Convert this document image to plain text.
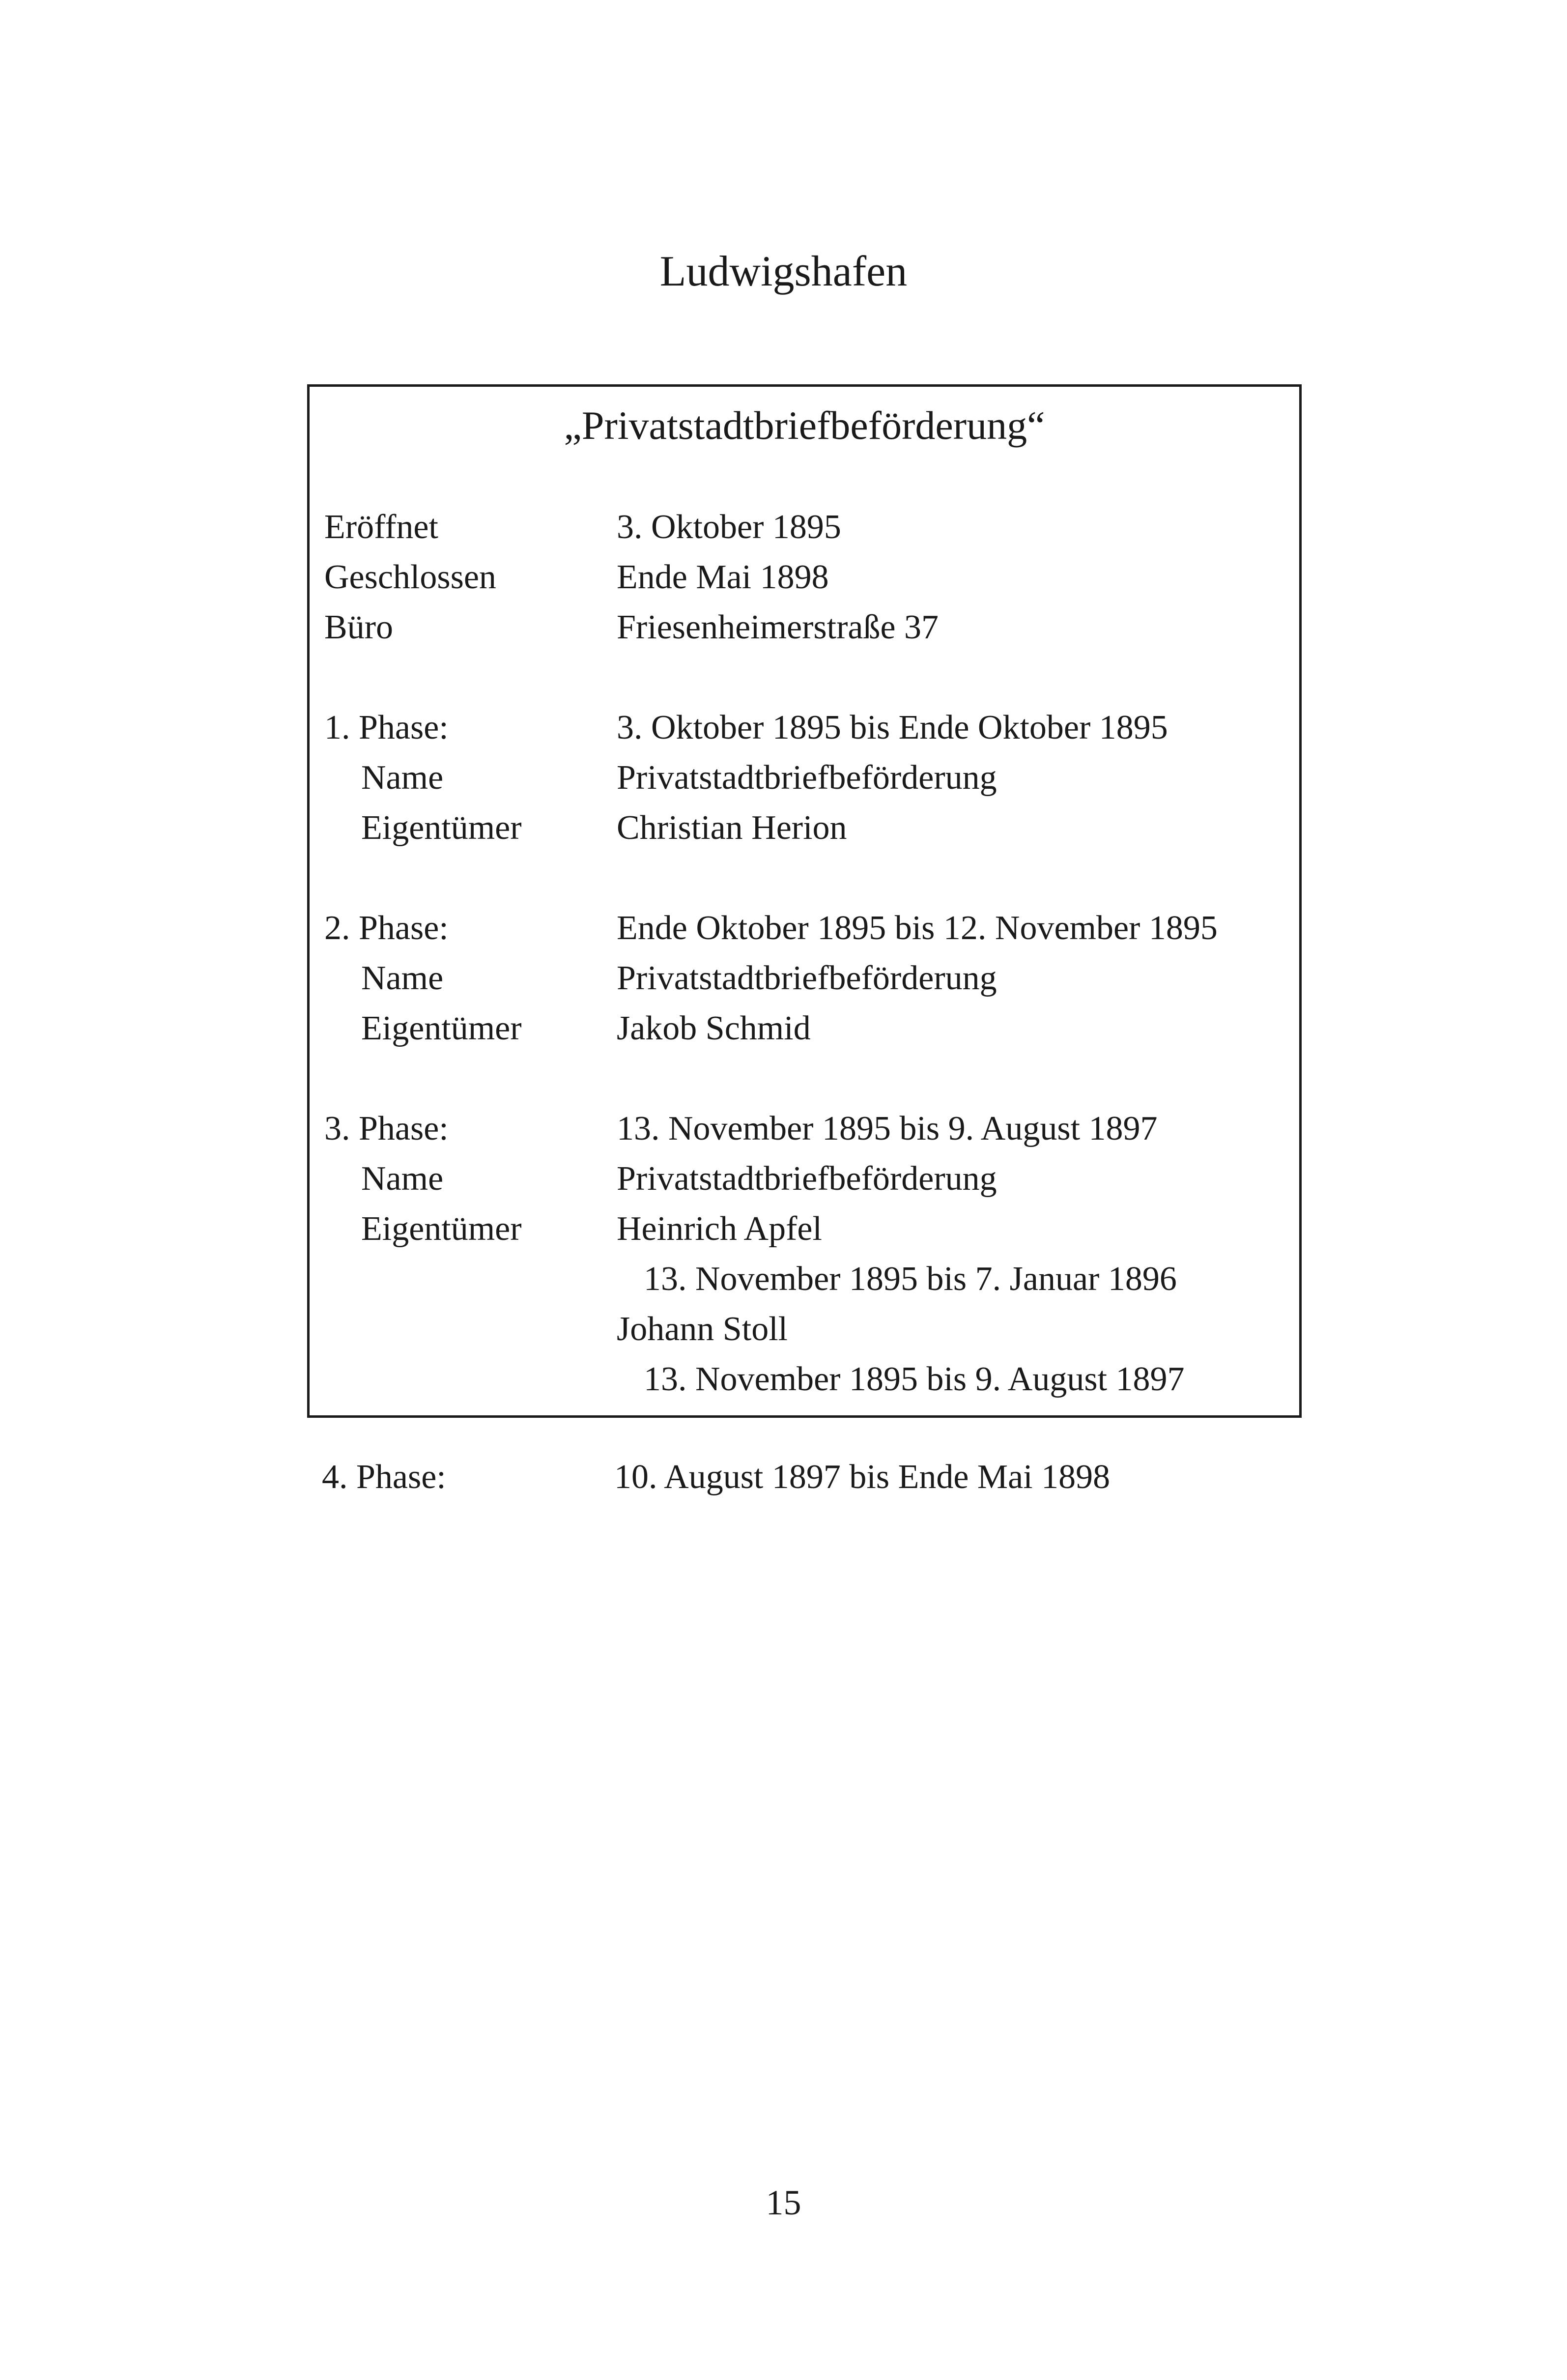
Ludwigshafen
„Privatstadtbriefbeförderung“
Eröffnet	3. Oktober 1895
Geschlossen	Ende Mai 1898
Büro	Friesenheimerstraße 37
1. Phase:	3. Oktober 1895 bis Ende Oktober 1895
Name	Privatstadtbriefbeförderung
Eigentümer	Christian Herion
2. Phase:	Ende Oktober 1895 bis 12. November 1895
Name	Privatstadtbriefbeförderung
Eigentümer	Jakob Schmid
3. Phase:	13. November 1895 bis 9. August 1897
Name	Privatstadtbriefbeförderung
Eigentümer	Heinrich Apfel
13. November 1895 bis 7. Januar 1896
Johann Stoll
13. November 1895 bis 9. August 1897
4. Phase:	10. August 1897 bis Ende Mai 1898
15
